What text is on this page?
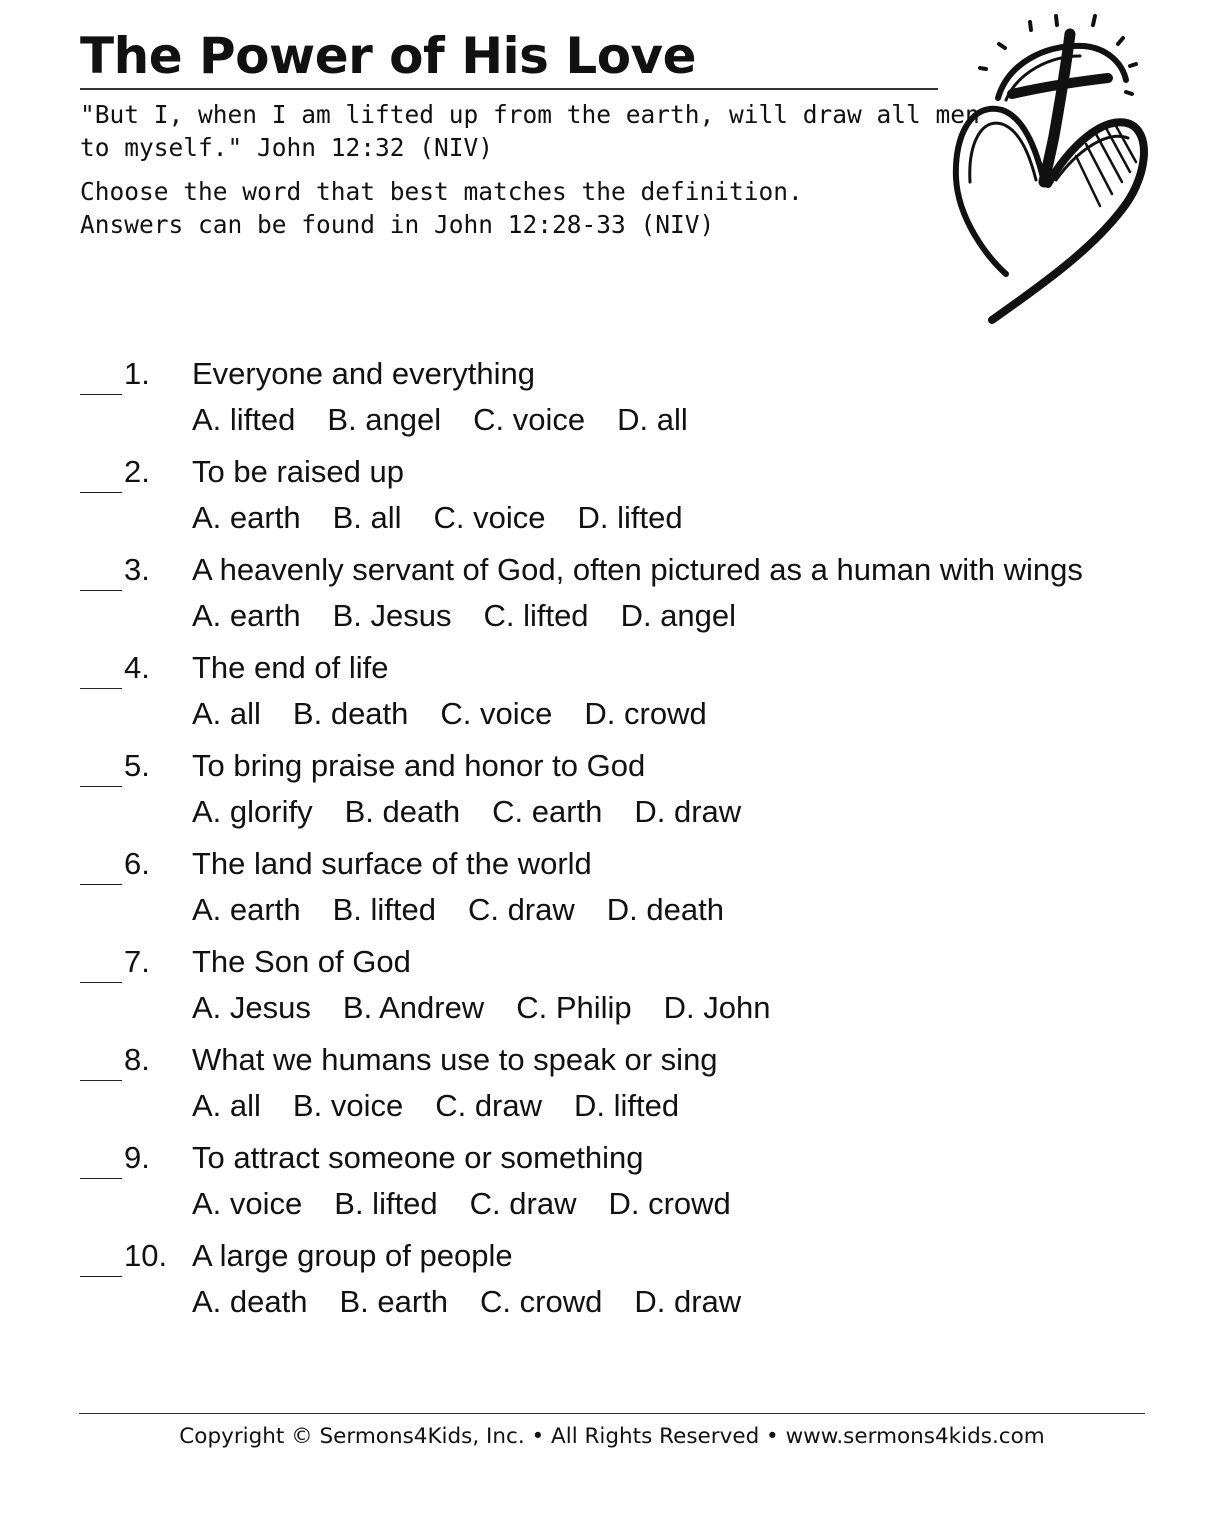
The Power of His Love
"But I, when I am lifted up from the earth, will draw all men
to myself." John 12:32 (NIV)
Choose the word that best matches the definition.
Answers can be found in John 12:28-33 (NIV)
1. Everyone and everything
A. lifted B. angel C. voice D. all
2. To be raised up
A. earth B. all C. voice D. lifted
3. A heavenly servant of God, often pictured as a human with wings
A. earth B. Jesus C. lifted D. angel
4. The end of life
A. all B. death C. voice D. crowd
5. To bring praise and honor to God
A. glorify B. death C. earth D. draw
6. The land surface of the world
A. earth B. lifted C. draw D. death
7. The Son of God
A. Jesus B. Andrew C. Philip D. John
8. What we humans use to speak or sing
A. all B. voice C. draw D. lifted
9. To attract someone or something
A. voice B. lifted C. draw D. crowd
10. A large group of people
A. death B. earth C. crowd D. draw
Copyright © Sermons4Kids, Inc. • All Rights Reserved • www.sermons4kids.com
